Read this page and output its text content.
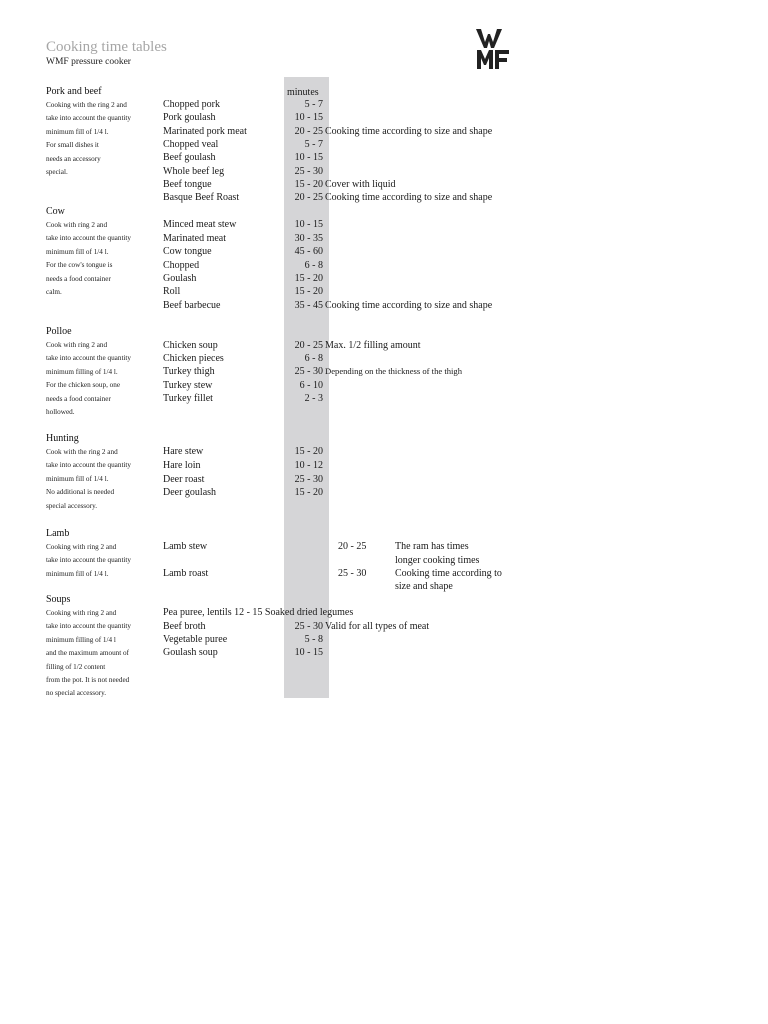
Cooking time tables
WMF pressure cooker
minutes
Pork and beef
Cooking with the ring 2 and
take into account the quantity
minimum fill of 1/4 l.
For small dishes it
needs an accessory
special.
Chopped pork	5 - 7
Pork goulash	10 - 15
Marinated pork meat	20 - 25 Cooking time according to size and shape
Chopped veal	5 - 7
Beef goulash	10 - 15
Whole beef leg	25 - 30
Beef tongue	15 - 20 Cover with liquid
Basque Beef Roast	20 - 25 Cooking time according to size and shape
Cow
Cook with ring 2 and
take into account the quantity
minimum fill of 1/4 l.
For the cow's tongue is
needs a food container
calm.
Minced meat stew	10 - 15
Marinated meat	30 - 35
Cow tongue	45 - 60
Chopped	6 - 8
Goulash	15 - 20
Roll	15 - 20
Beef barbecue	35 - 45 Cooking time according to size and shape
Polloe
Cook with ring 2 and
take into account the quantity
minimum filling of 1/4 l.
For the chicken soup, one
needs a food container
hollowed.
Chicken soup	20 - 25 Max. 1/2 filling amount
Chicken pieces	6 - 8
Turkey thigh	25 - 30 Depending on the thickness of the thigh
Turkey stew	6 - 10
Turkey fillet	2 - 3
Hunting
Cook with the ring 2 and
take into account the quantity
minimum fill of 1/4 l.
No additional is needed
special accessory.
Hare stew	15 - 20
Hare loin	10 - 12
Deer roast	25 - 30
Deer goulash	15 - 20
Lamb
Cooking with ring 2 and
take into account the quantity
minimum fill of 1/4 l.
Lamb stew	20 - 25	The ram has times
longer cooking times
Lamb roast	25 - 30	Cooking time according to
size and shape
Soups
Cooking with ring 2 and
take into account the quantity
minimum filling of 1/4 l
and the maximum amount of
filling of 1/2 content
from the pot. It is not needed
no special accessory.
Pea puree, lentils 12 - 15 Soaked dried legumes
Beef broth	25 - 30 Valid for all types of meat
Vegetable puree	5 - 8
Goulash soup	10 - 15
